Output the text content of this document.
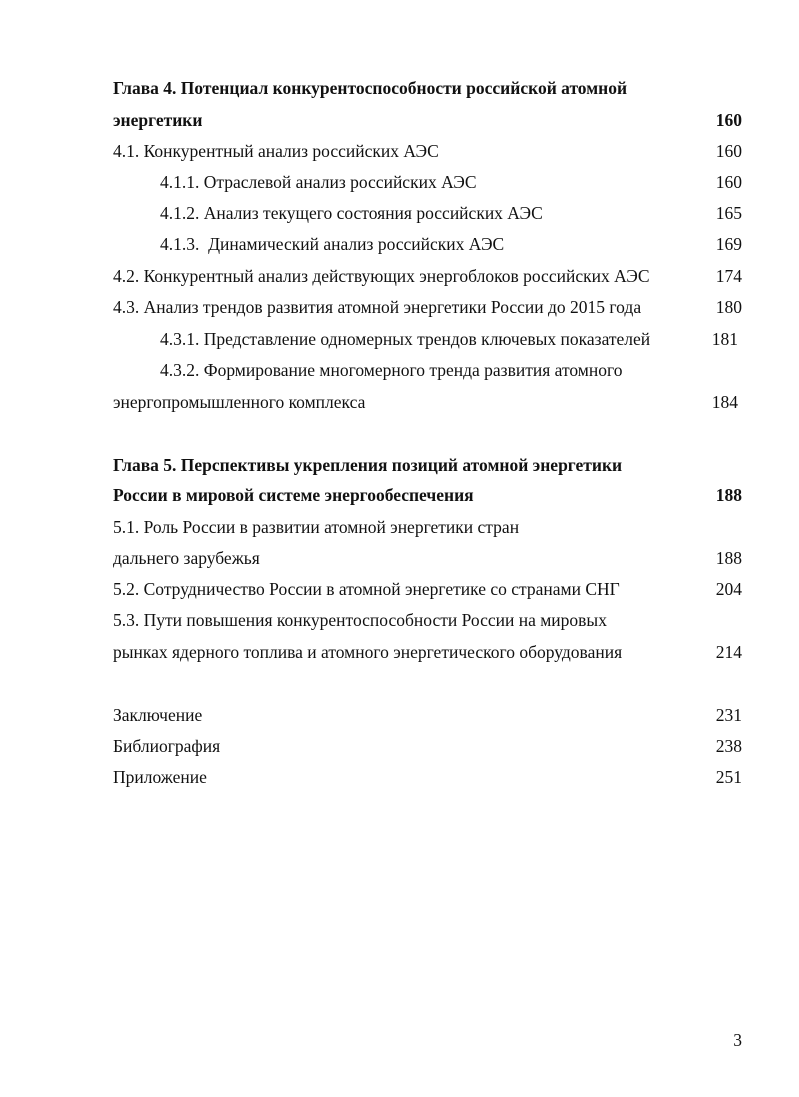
Глава 4. Потенциал конкурентоспособности российской атомной
энергетики	160
4.1. Конкурентный анализ российских АЭС	160
4.1.1. Отраслевой анализ российских АЭС	160
4.1.2. Анализ текущего состояния российских АЭС	165
4.1.3.  Динамический анализ российских АЭС	169
4.2. Конкурентный анализ действующих энергоблоков российских АЭС	174
4.3. Анализ трендов развития атомной энергетики России до 2015 года	180
4.3.1. Представление одномерных трендов ключевых показателей	181
4.3.2. Формирование многомерного тренда развития атомного
энергопромышленного комплекса	184
Глава 5. Перспективы укрепления позиций атомной энергетики
России в мировой системе энергообеспечения	188
5.1. Роль России в развитии атомной энергетики стран
дальнего зарубежья	188
5.2. Сотрудничество России в атомной энергетике со странами СНГ	204
5.3. Пути повышения конкурентоспособности России на мировых
рынках ядерного топлива и атомного энергетического оборудования	214
Заключение	231
Библиография	238
Приложение	251
3
